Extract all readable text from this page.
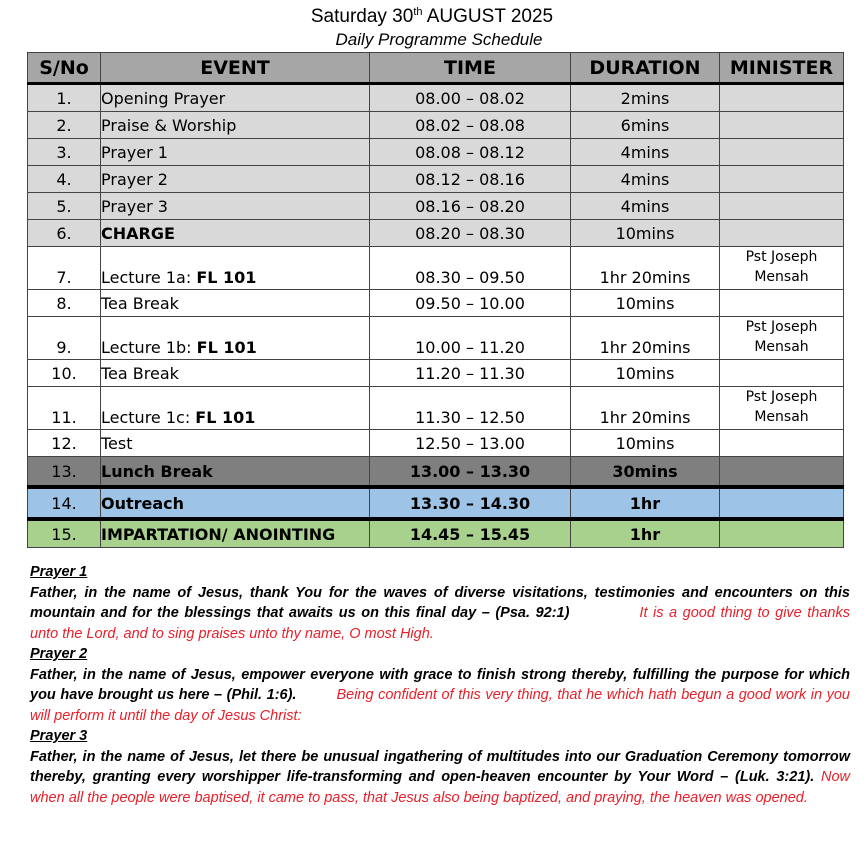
Saturday 30th AUGUST 2025
Daily Programme Schedule
S/No	EVENT	TIME	DURATION	MINISTER
1.	Opening Prayer	08.00 – 08.02	2mins	
2.	Praise & Worship	08.02 – 08.08	6mins	
3.	Prayer 1	08.08 – 08.12	4mins	
4.	Prayer 2	08.12 – 08.16	4mins	
5.	Prayer 3	08.16 – 08.20	4mins	
6.	CHARGE	08.20 – 08.30	10mins	
7.	Lecture 1a: FL 101	08.30 – 09.50	1hr 20mins	Pst Joseph Mensah
8.	Tea Break	09.50 – 10.00	10mins	
9.	Lecture 1b: FL 101	10.00 – 11.20	1hr 20mins	Pst Joseph Mensah
10.	Tea Break	11.20 – 11.30	10mins	
11.	Lecture 1c: FL 101	11.30 – 12.50	1hr 20mins	Pst Joseph Mensah
12.	Test	12.50 – 13.00	10mins	
13.	Lunch Break	13.00 – 13.30	30mins	
14.	Outreach	13.30 – 14.30	1hr	
15.	IMPARTATION/ ANOINTING	14.45 – 15.45	1hr	
Prayer 1
Father, in the name of Jesus, thank You for the waves of diverse visitations, testimonies and encounters on this mountain and for the blessings that awaits us on this final day – (Psa. 92:1)	It is a good thing to give thanks unto the Lord, and to sing praises unto thy name, O most High.
Prayer 2
Father, in the name of Jesus, empower everyone with grace to finish strong thereby, fulfilling the purpose for which you have brought us here – (Phil. 1:6).	Being confident of this very thing, that he which hath begun a good work in you will perform it until the day of Jesus Christ:
Prayer 3
Father, in the name of Jesus, let there be unusual ingathering of multitudes into our Graduation Ceremony tomorrow thereby, granting every worshipper life-transforming and open-heaven encounter by Your Word – (Luk. 3:21). Now when all the people were baptised, it came to pass, that Jesus also being baptized, and praying, the heaven was opened.
